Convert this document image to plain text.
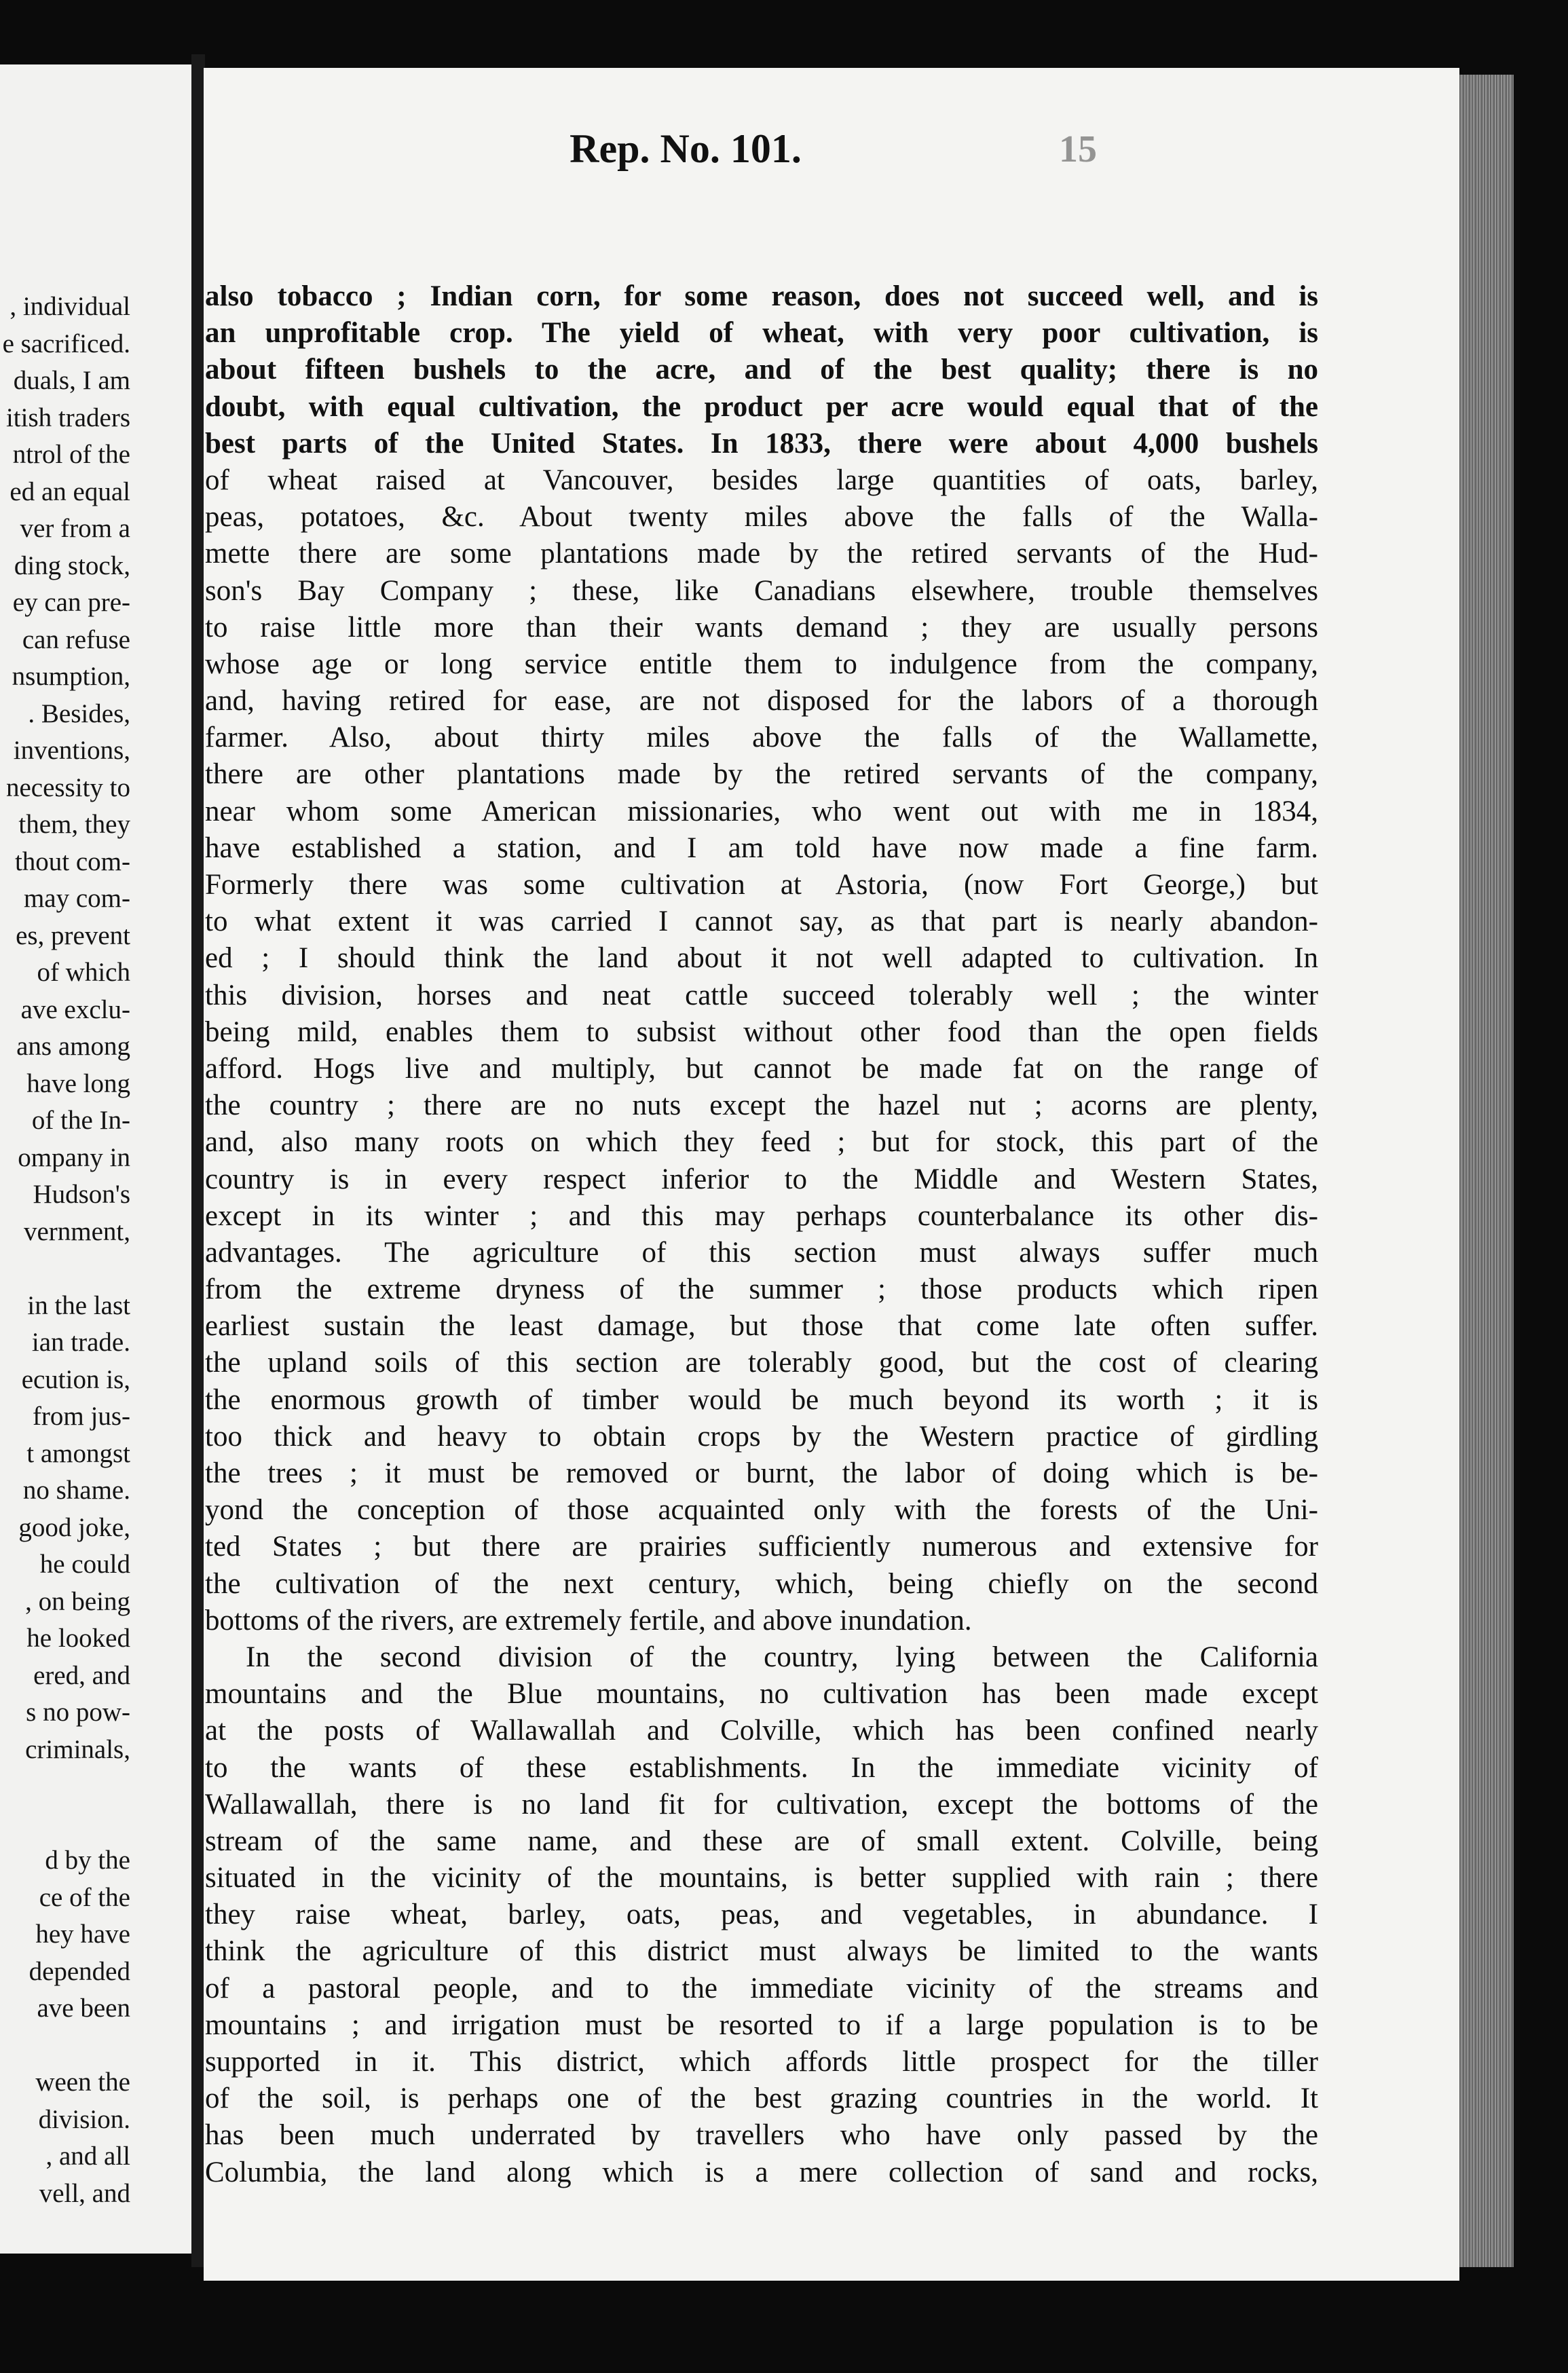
, individual
e sacrificed.
duals, I am
itish traders
ntrol of the
ed an equal
ver from a
ding stock,
ey can pre-
can refuse
nsumption,
. Besides,
inventions,
necessity to
them, they
thout com-
may com-
es, prevent
of which
ave exclu-
ans among
have long
of the In-
ompany in
Hudson's
vernment,
in the last
ian trade.
ecution is,
from jus-
t amongst
no shame.
good joke,
he could
, on being
he looked
ered, and
s no pow-
criminals,
d by the
ce of the
hey have
depended
ave been
ween the
division.
, and all
vell, and
Rep. No. 101.	15
also tobacco ; Indian corn, for some reason, does not succeed well, and is
an unprofitable crop. The yield of wheat, with very poor cultivation, is
about fifteen bushels to the acre, and of the best quality; there is no
doubt, with equal cultivation, the product per acre would equal that of the
best parts of the United States. In 1833, there were about 4,000 bushels
of wheat raised at Vancouver, besides large quantities of oats, barley,
peas, potatoes, &c. About twenty miles above the falls of the Walla-
mette there are some plantations made by the retired servants of the Hud-
son's Bay Company ; these, like Canadians elsewhere, trouble themselves
to raise little more than their wants demand ; they are usually persons
whose age or long service entitle them to indulgence from the company,
and, having retired for ease, are not disposed for the labors of a thorough
farmer. Also, about thirty miles above the falls of the Wallamette,
there are other plantations made by the retired servants of the company,
near whom some American missionaries, who went out with me in 1834,
have established a station, and I am told have now made a fine farm.
Formerly there was some cultivation at Astoria, (now Fort George,) but
to what extent it was carried I cannot say, as that part is nearly abandon-
ed ; I should think the land about it not well adapted to cultivation. In
this division, horses and neat cattle succeed tolerably well ; the winter
being mild, enables them to subsist without other food than the open fields
afford. Hogs live and multiply, but cannot be made fat on the range of
the country ; there are no nuts except the hazel nut ; acorns are plenty,
and, also many roots on which they feed ; but for stock, this part of the
country is in every respect inferior to the Middle and Western States,
except in its winter ; and this may perhaps counterbalance its other dis-
advantages. The agriculture of this section must always suffer much
from the extreme dryness of the summer ; those products which ripen
earliest sustain the least damage, but those that come late often suffer.
the upland soils of this section are tolerably good, but the cost of clearing
the enormous growth of timber would be much beyond its worth ; it is
too thick and heavy to obtain crops by the Western practice of girdling
the trees ; it must be removed or burnt, the labor of doing which is be-
yond the conception of those acquainted only with the forests of the Uni-
ted States ; but there are prairies sufficiently numerous and extensive for
the cultivation of the next century, which, being chiefly on the second
bottoms of the rivers, are extremely fertile, and above inundation.
In the second division of the country, lying between the California
mountains and the Blue mountains, no cultivation has been made except
at the posts of Wallawallah and Colville, which has been confined nearly
to the wants of these establishments. In the immediate vicinity of
Wallawallah, there is no land fit for cultivation, except the bottoms of the
stream of the same name, and these are of small extent. Colville, being
situated in the vicinity of the mountains, is better supplied with rain ; there
they raise wheat, barley, oats, peas, and vegetables, in abundance. I
think the agriculture of this district must always be limited to the wants
of a pastoral people, and to the immediate vicinity of the streams and
mountains ; and irrigation must be resorted to if a large population is to be
supported in it. This district, which affords little prospect for the tiller
of the soil, is perhaps one of the best grazing countries in the world. It
has been much underrated by travellers who have only passed by the
Columbia, the land along which is a mere collection of sand and rocks,
